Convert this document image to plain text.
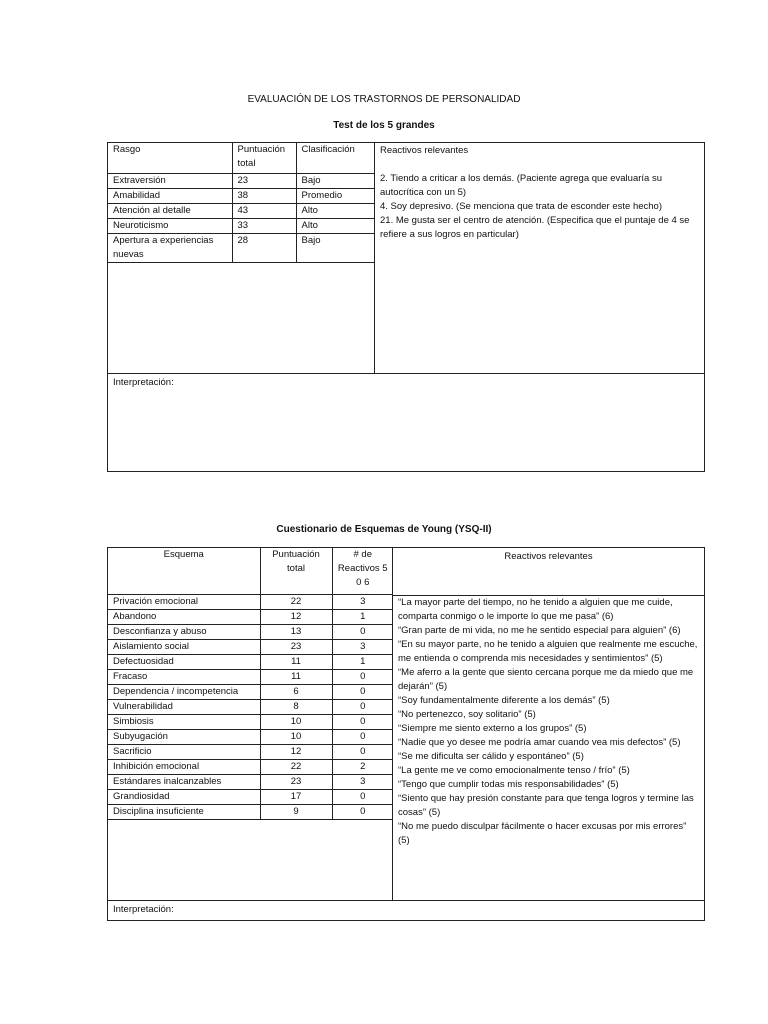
EVALUACIÓN DE LOS TRASTORNOS DE PERSONALIDAD
Test de los 5 grandes
Rasgo	Puntuación total	Clasificación
Extraversión	23	Bajo
Amabilidad	38	Promedio
Atención al detalle	43	Alto
Neuroticismo	33	Alto
Apertura a experiencias nuevas	28	Bajo

Reactivos relevantes

2. Tiendo a criticar a los demás. (Paciente agrega que evaluaría su autocrítica con un 5)

4. Soy depresivo. (Se menciona que trata de esconder este hecho)

21. Me gusta ser el centro de atención. (Especifica que el puntaje de 4 se refiere a sus logros en particular)

Interpretación:
Cuestionario de Esquemas de Young (YSQ-II)
Esquema	Puntuación total	# de Reactivos 5 0 6
Privación emocional	22	3
Abandono	12	1
Desconfianza y abuso	13	0
Aislamiento social	23	3
Defectuosidad	11	1
Fracaso	11	0
Dependencia / incompetencia	6	0
Vulnerabilidad	8	0
Simbiosis	10	0
Subyugación	10	0
Sacrificio	12	0
Inhibición emocional	22	2
Estándares inalcanzables	23	3
Grandiosidad	17	0
Disciplina insuficiente	9	0

Reactivos relevantes

“La mayor parte del tiempo, no he tenido a alguien que me cuide, comparta conmigo o le importe lo que me pasa” (6)

“Gran parte de mi vida, no me he sentido especial para alguien” (6)

“En su mayor parte, no he tenido a alguien que realmente me escuche, me entienda o comprenda mis necesidades y sentimientos” (5)

“Me aferro a la gente que siento cercana porque me da miedo que me dejarán” (5)

“Soy fundamentalmente diferente a los demás” (5)

“No pertenezco, soy solitario” (5)

“Siempre me siento externo a los grupos” (5)

“Nadie que yo desee me podría amar cuando vea mis defectos” (5)

“Se me dificulta ser cálido y espontáneo” (5)

“La gente me ve como emocionalmente tenso / frío” (5)

“Tengo que cumplir todas mis responsabilidades” (5)

“Siento que hay presión constante para que tenga logros y termine las cosas” (5)

“No me puedo disculpar fácilmente o hacer excusas por mis errores” (5)

Interpretación:
